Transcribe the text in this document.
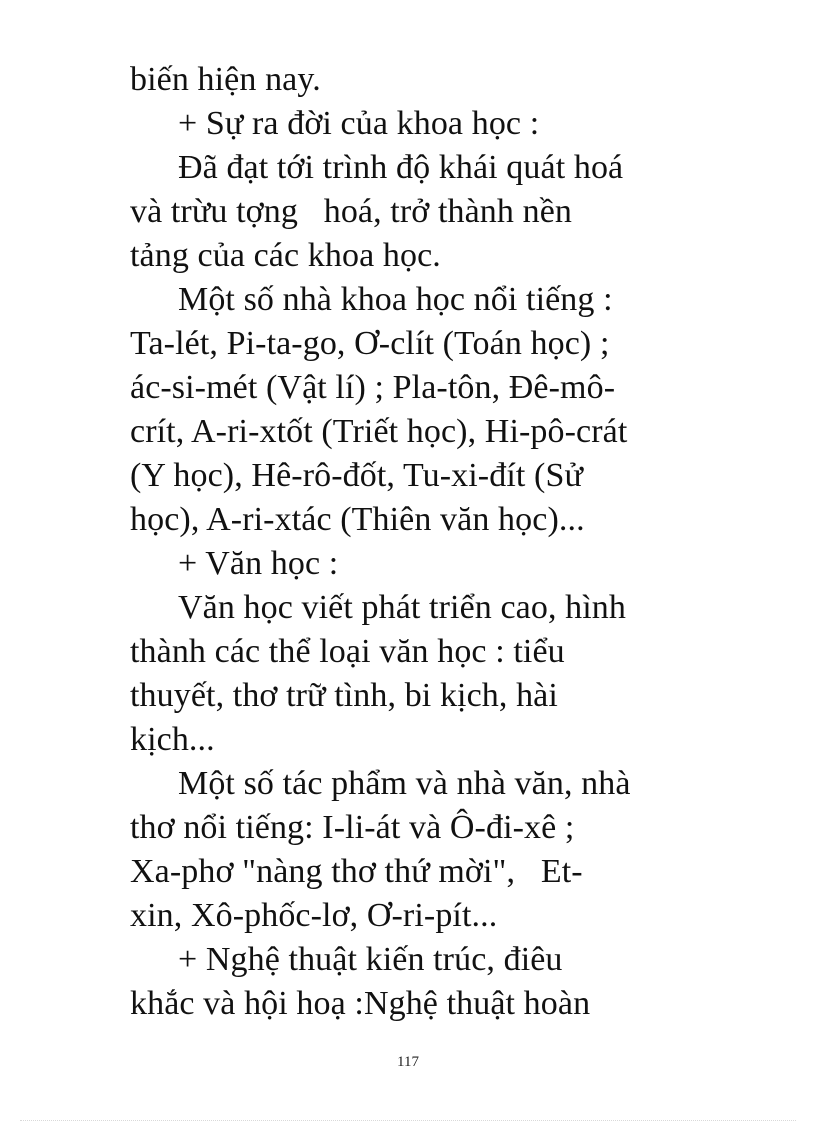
biến hiện nay.
+ Sự ra đời của khoa học :
Đã đạt tới trình độ khái quát hoá
và trừu tợng   hoá, trở thành nền
tảng của các khoa học.
Một số nhà khoa học nổi tiếng :
Ta-lét, Pi-ta-go, Ơ-clít (Toán học) ;
ác-si-mét (Vật lí) ; Pla-tôn, Đê-mô-
crít, A-ri-xtốt (Triết học), Hi-pô-crát
(Y học), Hê-rô-đốt, Tu-xi-đít (Sử
học), A-ri-xtác (Thiên văn học)...
+ Văn học :
Văn học viết phát triển cao, hình
thành các thể loại văn học : tiểu
thuyết, thơ trữ tình, bi kịch, hài
kịch...
Một số tác phẩm và nhà văn, nhà
thơ nổi tiếng: I-li-át và Ô-đi-xê ;
Xa-phơ "nàng thơ thứ mời",   Et-
xin, Xô-phốc-lơ, Ơ-ri-pít...
+ Nghệ thuật kiến trúc, điêu
khắc và hội hoạ :Nghệ thuật hoàn
117
